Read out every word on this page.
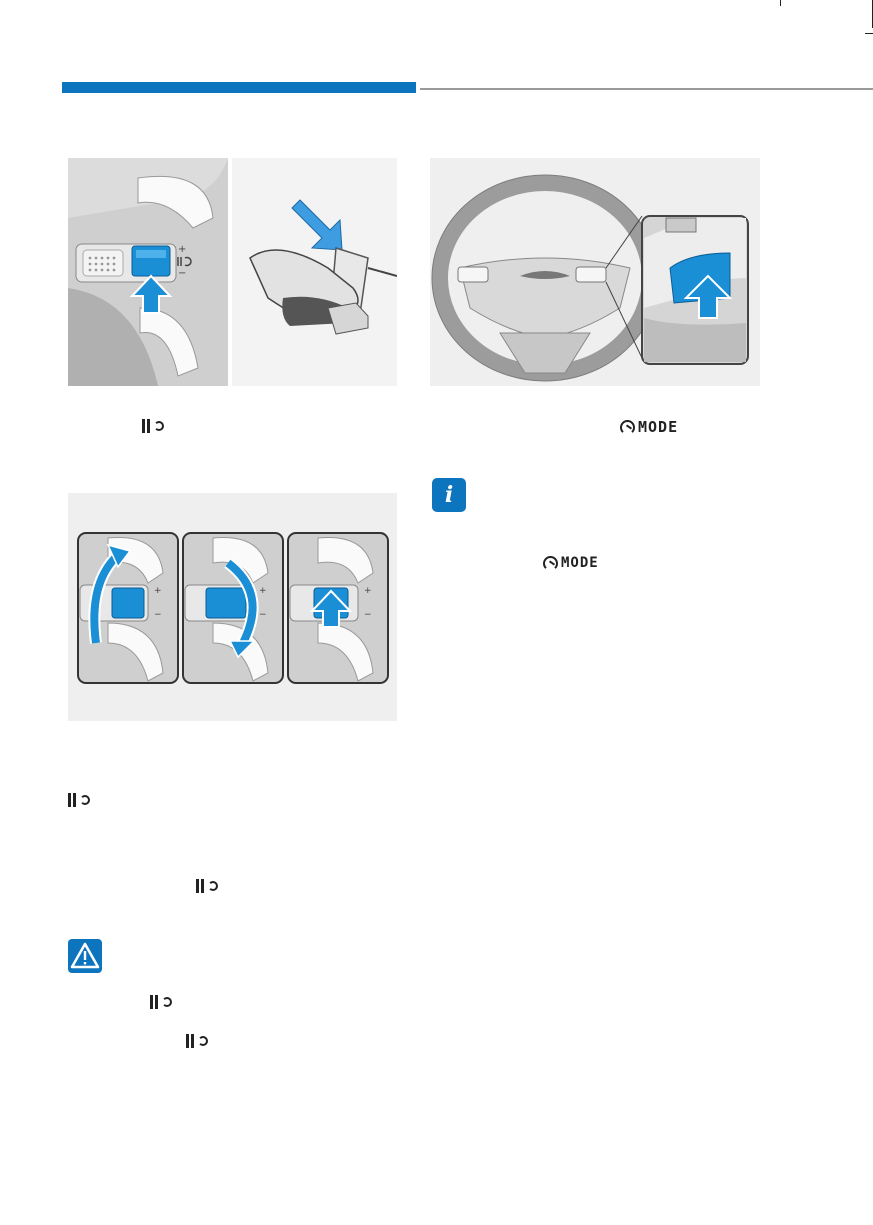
+
−
MODE
i
MODE
+
−
+
−
+
−
